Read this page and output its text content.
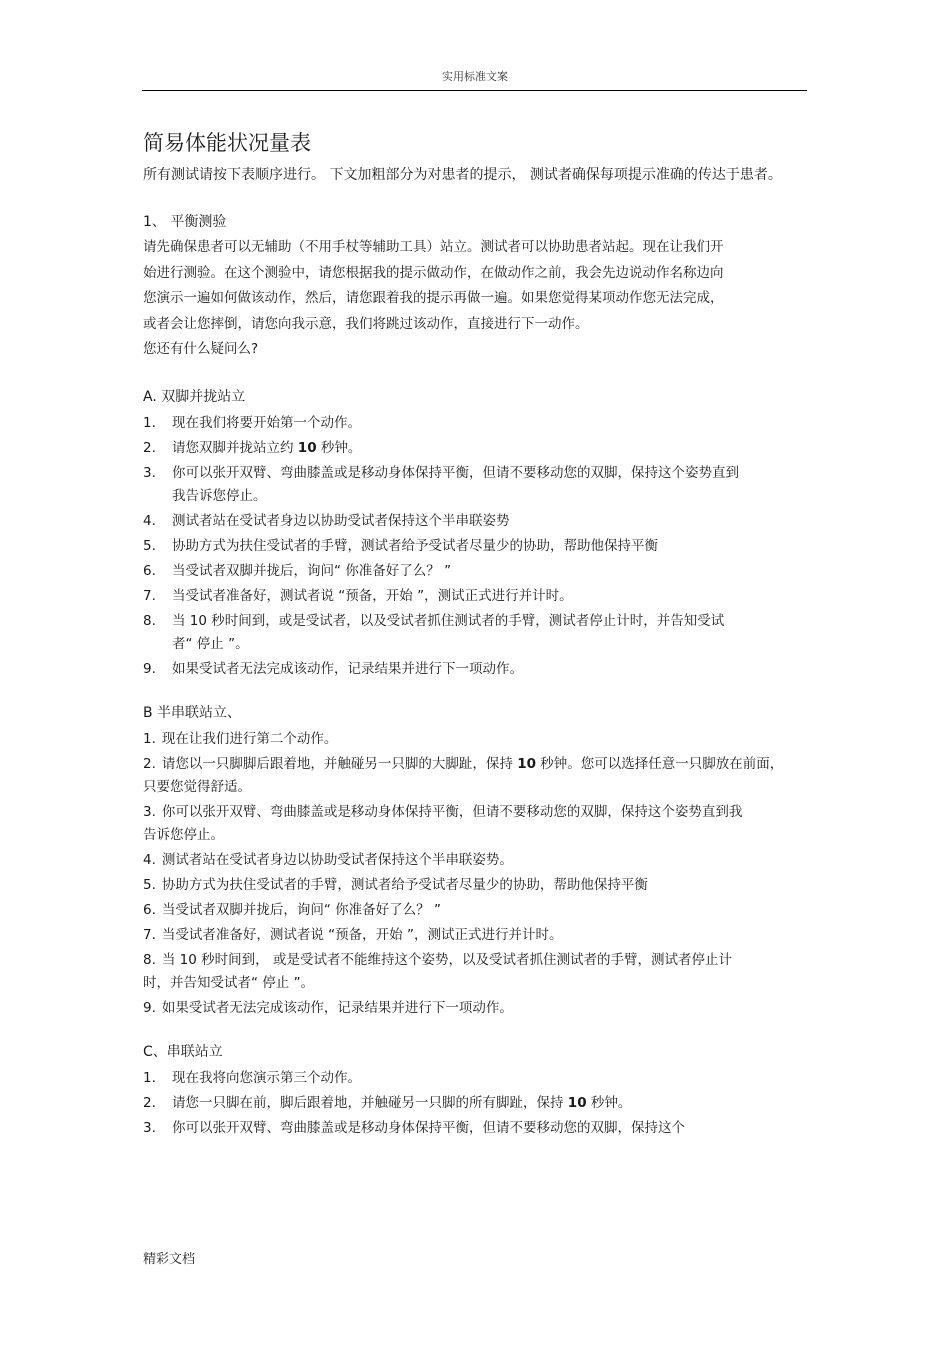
实用标准文案
简易体能状况量表
所有测试请按下表顺序进行。 下文加粗部分为对患者的提示， 测试者确保每项提示准确的传达于患者。
1、 平衡测验
请先确保患者可以无辅助（不用手杖等辅助工具）站立。测试者可以协助患者站起。现在让我们开始进行测验。在这个测验中，请您根据我的提示做动作，在做动作之前，我会先边说动作名称边向您演示一遍如何做该动作，然后，请您跟着我的提示再做一遍。如果您觉得某项动作您无法完成，或者会让您摔倒，请您向我示意，我们将跳过该动作，直接进行下一动作。
您还有什么疑问么?
A. 双脚并拢站立
1.	现在我们将要开始第一个动作。
2.	请您双脚并拢站立约 10 秒钟。
3.	你可以张开双臂、弯曲膝盖或是移动身体保持平衡，但请不要移动您的双脚，保持这个姿势直到我告诉您停止。
4.	测试者站在受试者身边以协助受试者保持这个半串联姿势
5.	协助方式为扶住受试者的手臂，测试者给予受试者尽量少的协助，帮助他保持平衡
6.	当受试者双脚并拢后，询问“ 你准备好了么？ ”
7.	当受试者准备好，测试者说 “预备，开始 ”，测试正式进行并计时。
8.	当 10 秒时间到，或是受试者，以及受试者抓住测试者的手臂，测试者停止计时，并告知受试者“ 停止 ”。
9.	如果受试者无法完成该动作，记录结果并进行下一项动作。
B 半串联站立、
1. 现在让我们进行第二个动作。
2. 请您以一只脚脚后跟着地，并触碰另一只脚的大脚趾，保持 10 秒钟。您可以选择任意一只脚放在前面，只要您觉得舒适。
3. 你可以张开双臂、弯曲膝盖或是移动身体保持平衡，但请不要移动您的双脚，保持这个姿势直到我告诉您停止。
4. 测试者站在受试者身边以协助受试者保持这个半串联姿势。
5. 协助方式为扶住受试者的手臂，测试者给予受试者尽量少的协助，帮助他保持平衡
6. 当受试者双脚并拢后，询问“ 你准备好了么？ ”
7. 当受试者准备好，测试者说 “预备，开始 ”，测试正式进行并计时。
8. 当 10 秒时间到， 或是受试者不能维持这个姿势，以及受试者抓住测试者的手臂，测试者停止计时，并告知受试者“ 停止 ”。
9. 如果受试者无法完成该动作，记录结果并进行下一项动作。
C、串联站立
1.	现在我将向您演示第三个动作。
2.	请您一只脚在前，脚后跟着地，并触碰另一只脚的所有脚趾，保持 10 秒钟。
3.	你可以张开双臂、弯曲膝盖或是移动身体保持平衡，但请不要移动您的双脚，保持这个
精彩文档
